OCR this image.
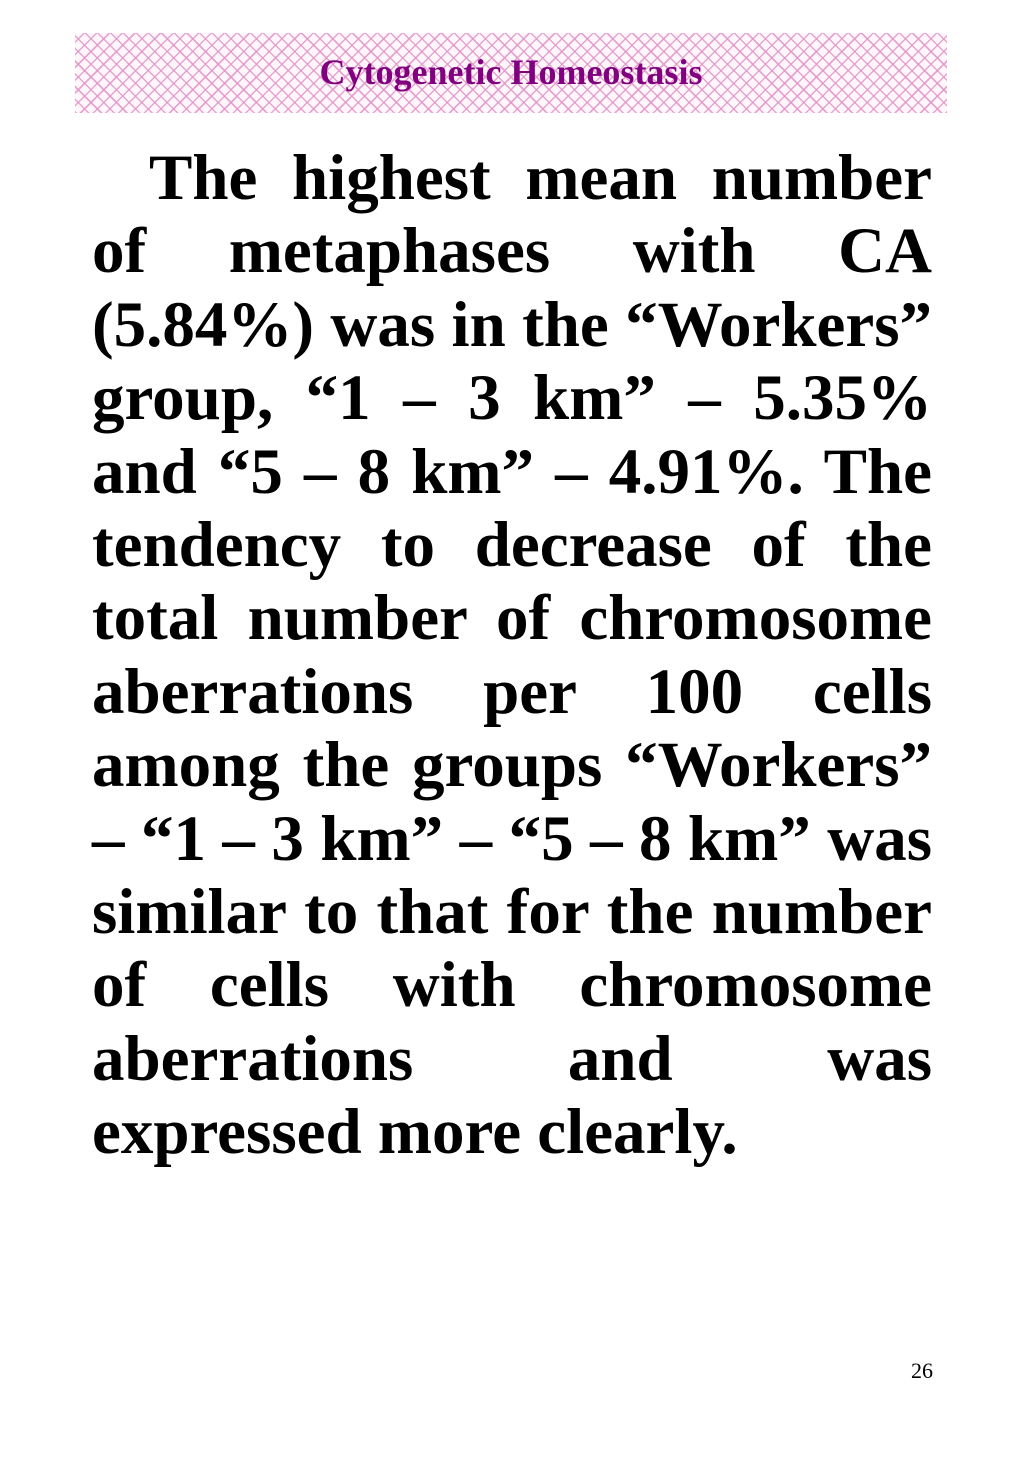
Cytogenetic Homeostasis

The highest mean number of metaphases with CA (5.84%) was in the “Workers” group, “1 – 3 km” – 5.35% and “5 – 8 km” – 4.91%. The tendency to decrease of the total number of chromosome aberrations per 100 cells among the groups “Workers” – “1 – 3 km” – “5 – 8 km” was similar to that for the number of cells with chromosome aberrations and was expressed more clearly.

26
